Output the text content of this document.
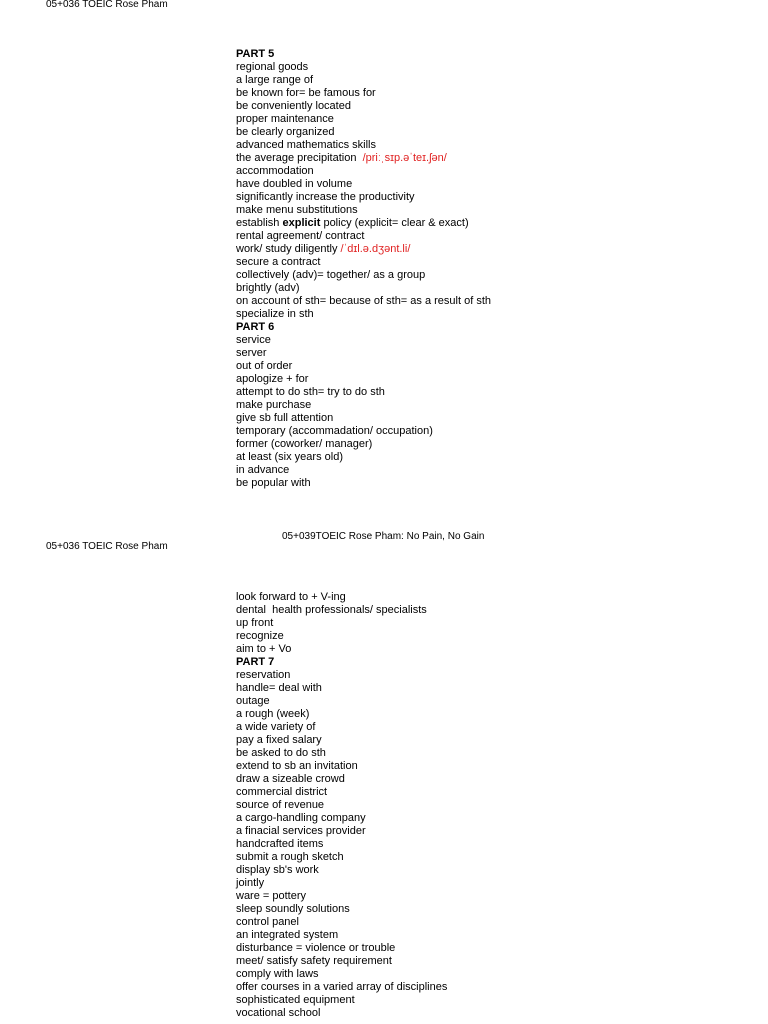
05+036 TOEIC Rose Pham
PART 5
regional goods
a large range of
be known for= be famous for
be conveniently located
proper maintenance
be clearly organized
advanced mathematics skills
the average precipitation  /priːˌsɪp.əˈteɪ.ʃən/
accommodation
have doubled in volume
significantly increase the productivity
make menu substitutions
establish explicit policy (explicit= clear & exact)
rental agreement/ contract
work/ study diligently /ˈdɪl.ə.dʒənt.li/
secure a contract
collectively (adv)= together/ as a group
brightly (adv)
on account of sth= because of sth= as a result of sth
specialize in sth
PART 6
service
server
out of order
apologize + for
attempt to do sth= try to do sth
make purchase
give sb full attention
temporary (accommadation/ occupation)
former (coworker/ manager)
at least (six years old)
in advance
be popular with
05+039TOEIC Rose Pham: No Pain, No Gain
05+036 TOEIC Rose Pham
look forward to + V-ing
dental  health professionals/ specialists
up front
recognize
aim to + Vo
PART 7
reservation
handle= deal with
outage
a rough (week)
a wide variety of
pay a fixed salary
be asked to do sth
extend to sb an invitation
draw a sizeable crowd
commercial district
source of revenue
a cargo-handling company
a finacial services provider
handcrafted items
submit a rough sketch
display sb's work
jointly
ware = pottery
sleep soundly solutions
control panel
an integrated system
disturbance = violence or trouble
meet/ satisfy safety requirement
comply with laws
offer courses in a varied array of disciplines
sophisticated equipment
vocational school
